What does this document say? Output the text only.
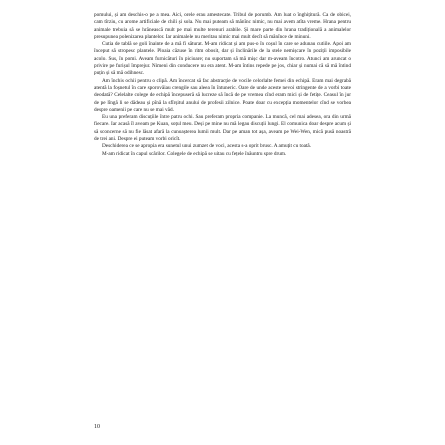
pomului, și am deschis-o pe a mea. Aici, orele erau amestecate. Tribul de porumb. Am luat o înghițitură. Ca de obicei, cam tîrziu, cu arome artificiale de chili și sola. Nu mai puteam să mănînc nimic, nu mai avem atîta vreme. Hrana pentru animale trebuia să se hrănească mult pe mai multe terenuri arabile. Și mare parte din hrana tradițională a animalelor presupunea polenizarea plantelor. Iar animalele nu meritau nimic mai mult decît să mănînce de minuni.

Cutia de tablă se goli înainte de a mă fi săturat. M-am ridicat și am pus-o în coșul în care se adunau cutiile. Apoi am început să stropesc plantele. Ploaia căzuse în ritm obosit, dar și înclinările de la stele nemișcare în poziții imposibile acolo. Sus, în pomi. Aveam furnicături în picioare; nu suportam să mă mișc dar m-aveam încotro. Atunci am aruncat o privire pe furișul împrejur. Nimeni din conducere nu era atent. M-am întins repede pe jos, chiar și numai că să mă întind puțin și să mă odihnesc.

Am închis ochii pentru o clipă. Am încercat să fac abstracție de vocile celorlalte femei din echipă. Eram mai degrabă atentă la foșnetul în care sporovăiau crengile sau aleea în întuneric. Oare de unde aceste nevoi stringente de a vorbi toate deodată? Celelalte colege de echipă începuseră să lucreze să încă de pe vremea cînd eram mici și de fetițe. Ceasul în jur de pe lîngă li se dădeau și pînă la sfîrșitul anului de profesii zilnice. Poate doar cu excepția momentelor cînd se vorbea despre oamenii pe care nu se mai văd.

Eu una preferam discuțiile între patru ochi. Sau preferam propria companie. La muncă, cel mai adesea, ora din urmă fiecare. Iar acasă îl aveam pe Kuan, soțul meu. Deși pe mine nu mă legau discuții lungi. El comunica doar despre acum și să sconcerne să nu fie lăsat afară la cunoașterea lumii mult. Dar pe aman tot așa, aveam pe Wei-Wen, mică pusă noastră de trei ani. Despre ei puteam vorbi oricît.

Deschiderea ce se apropia era sunetul unui zumzet de voci, acesta s-a oprit brusc. A amuțit cu toată.

M-am ridicat în capul scărilor. Colegele de echipă se uitau cu fețele înăuntru spre drum.

10
